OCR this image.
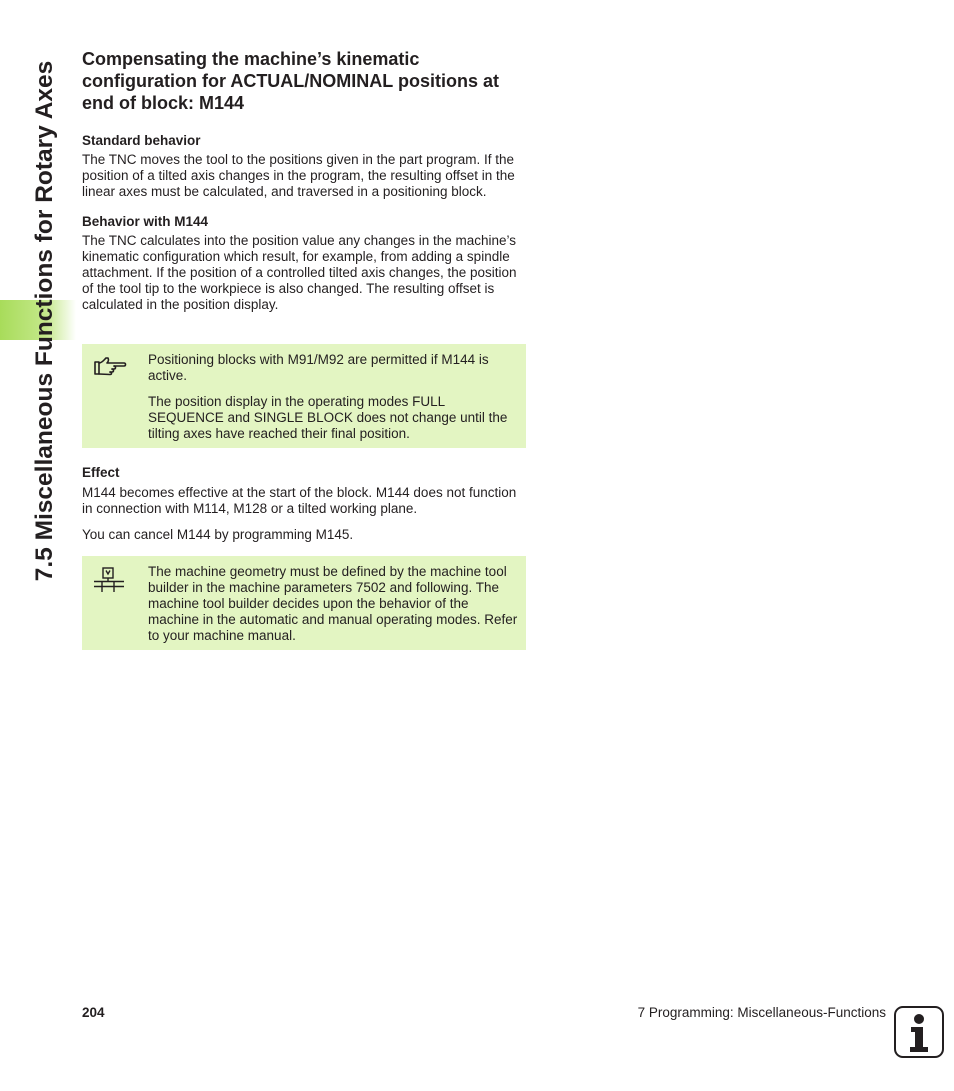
7.5 Miscellaneous Functions for Rotary Axes
Compensating the machine’s kinematic configuration for ACTUAL/NOMINAL positions at end of block: M144
Standard behavior

The TNC moves the tool to the positions given in the part program. If the position of a tilted axis changes in the program, the resulting offset in the linear axes must be calculated, and traversed in a positioning block.

Behavior with M144

The TNC calculates into the position value any changes in the machine’s kinematic configuration which result, for example, from adding a spindle attachment. If the position of a controlled tilted axis changes, the position of the tool tip to the workpiece is also changed. The resulting offset is calculated in the position display.

Positioning blocks with M91/M92 are permitted if M144 is active.

The position display in the operating modes FULL SEQUENCE and SINGLE BLOCK does not change until the tilting axes have reached their final position.

Effect

M144 becomes effective at the start of the block. M144 does not function in connection with M114, M128 or a tilted working plane.

You can cancel M144 by programming M145.

The machine geometry must be defined by the machine tool builder in the machine parameters 7502 and following. The machine tool builder decides upon the behavior of the machine in the automatic and manual operating modes. Refer to your machine manual.

204	7 Programming: Miscellaneous-Functions
